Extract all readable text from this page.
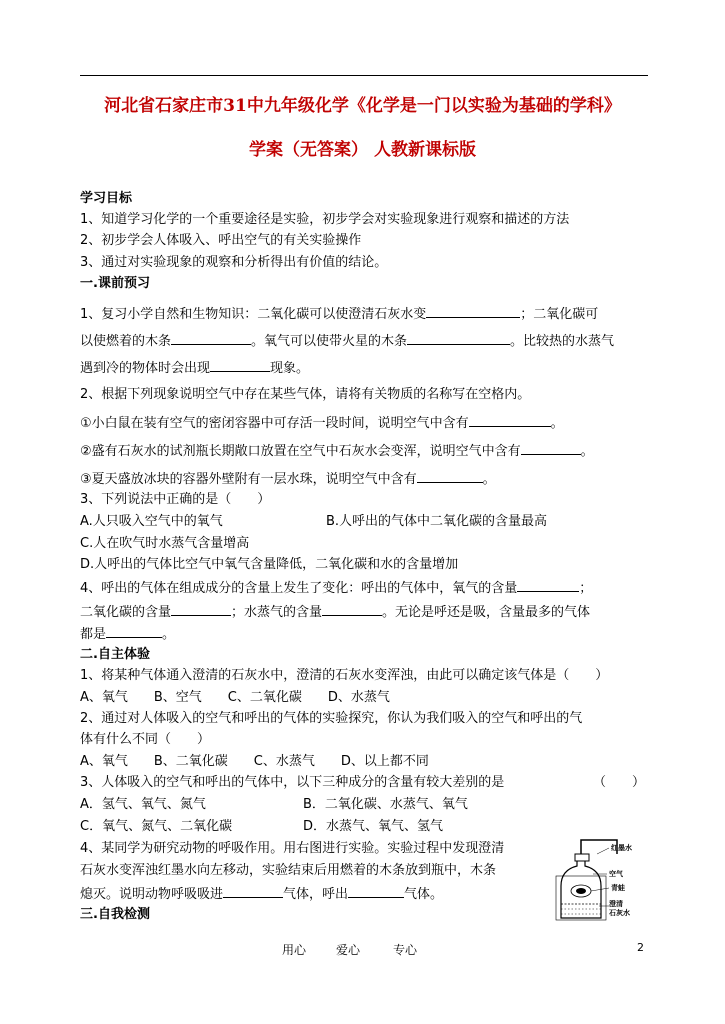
河北省石家庄市31中九年级化学《化学是一门以实验为基础的学科》
学案（无答案） 人教新课标版
学习目标
1、知道学习化学的一个重要途径是实验，初步学会对实验现象进行观察和描述的方法
2、初步学会人体吸入、呼出空气的有关实验操作
3、通过对实验现象的观察和分析得出有价值的结论。
一.课前预习
1、复习小学自然和生物知识：二氧化碳可以使澄清石灰水变	；二氧化碳可
以使燃着的木条	。氧气可以使带火星的木条	。比较热的水蒸气
遇到冷的物体时会出现	现象。
2、根据下列现象说明空气中存在某些气体，请将有关物质的名称写在空格内。
①小白鼠在装有空气的密闭容器中可存活一段时间，说明空气中含有	。
②盛有石灰水的试剂瓶长期敞口放置在空气中石灰水会变浑，说明空气中含有	。
③夏天盛放冰块的容器外壁附有一层水珠，说明空气中含有	。
3、下列说法中正确的是（　　）
A.人只吸入空气中的氧气	B.人呼出的气体中二氧化碳的含量最高
C.人在吹气时水蒸气含量增高
D.人呼出的气体比空气中氧气含量降低，二氧化碳和水的含量增加
4、呼出的气体在组成成分的含量上发生了变化：呼出的气体中，氧气的含量	；
二氧化碳的含量	；水蒸气的含量	。无论是呼还是吸，含量最多的气体
都是	。
二.自主体验
1、将某种气体通入澄清的石灰水中，澄清的石灰水变浑浊，由此可以确定该气体是（　　）
A、氧气　　B、空气　　C、二氧化碳　　D、水蒸气
2、通过对人体吸入的空气和呼出的气体的实验探究，你认为我们吸入的空气和呼出的气
体有什么不同（　　）
A、氧气　　B、二氧化碳　　C、水蒸气　　D、以上都不同
3、人体吸入的空气和呼出的气体中，以下三种成分的含量有较大差别的是	（　　）
A．氢气、氧气、氮气	B．二氧化碳、水蒸气、氧气
C．氧气、氮气、二氧化碳	D．水蒸气、氧气、氢气
4、某同学为研究动物的呼吸作用。用右图进行实验。实验过程中发现澄清
石灰水变浑浊红墨水向左移动，实验结束后用燃着的木条放到瓶中，木条
熄灭。说明动物呼吸吸进	气体，呼出	气体。
三.自我检测
红墨水
空气
青蛙
澄清
石灰水
用心 爱心	专心	2
